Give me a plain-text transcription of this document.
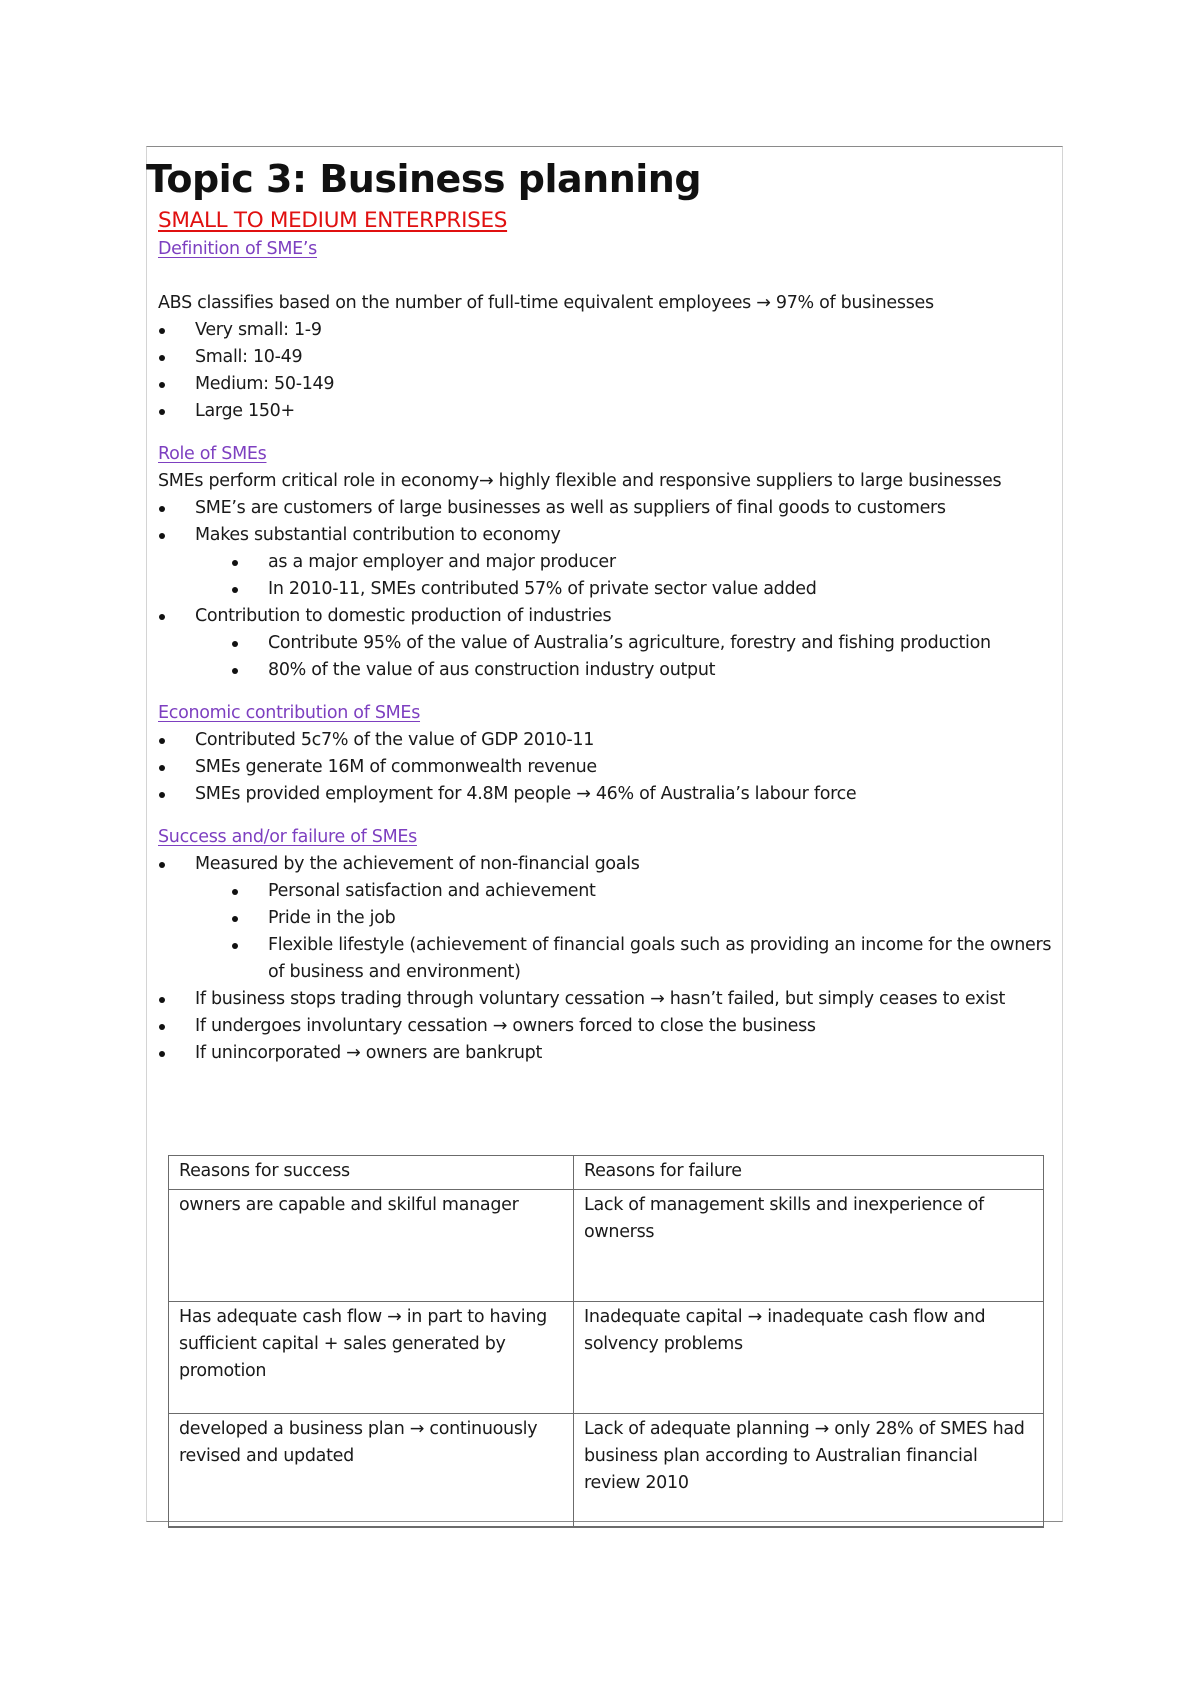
Topic 3: Business planning

SMALL TO MEDIUM ENTERPRISES

Definition of SME’s

ABS classifies based on the number of full-time equivalent employees → 97% of businesses

Very small: 1-9
Small: 10-49
Medium: 50-149
Large 150+

Role of SMEs

SMEs perform critical role in economy→ highly flexible and responsive suppliers to large businesses

SME’s are customers of large businesses as well as suppliers of final goods to customers
Makes substantial contribution to economy
as a major employer and major producer
In 2010-11, SMEs contributed 57% of private sector value added
Contribution to domestic production of industries
Contribute 95% of the value of Australia’s agriculture, forestry and fishing production
80% of the value of aus construction industry output

Economic contribution of SMEs

Contributed 5c7% of the value of GDP 2010-11
SMEs generate 16M of commonwealth revenue
SMEs provided employment for 4.8M people → 46% of Australia’s labour force

Success and/or failure of SMEs

Measured by the achievement of non-financial goals
Personal satisfaction and achievement
Pride in the job
Flexible lifestyle (achievement of financial goals such as providing an income for the owners of business and environment)
If business stops trading through voluntary cessation → hasn’t failed, but simply ceases to exist
If undergoes involuntary cessation → owners forced to close the business
If unincorporated → owners are bankrupt
Reasons for success	Reasons for failure
owners are capable and skilful manager	Lack of management skills and inexperience of ownerss
Has adequate cash flow → in part to having sufficient capital + sales generated by promotion	Inadequate capital → inadequate cash flow and solvency problems
developed a business plan → continuously revised and updated	Lack of adequate planning → only 28% of SMES had business plan according to Australian financial review 2010
